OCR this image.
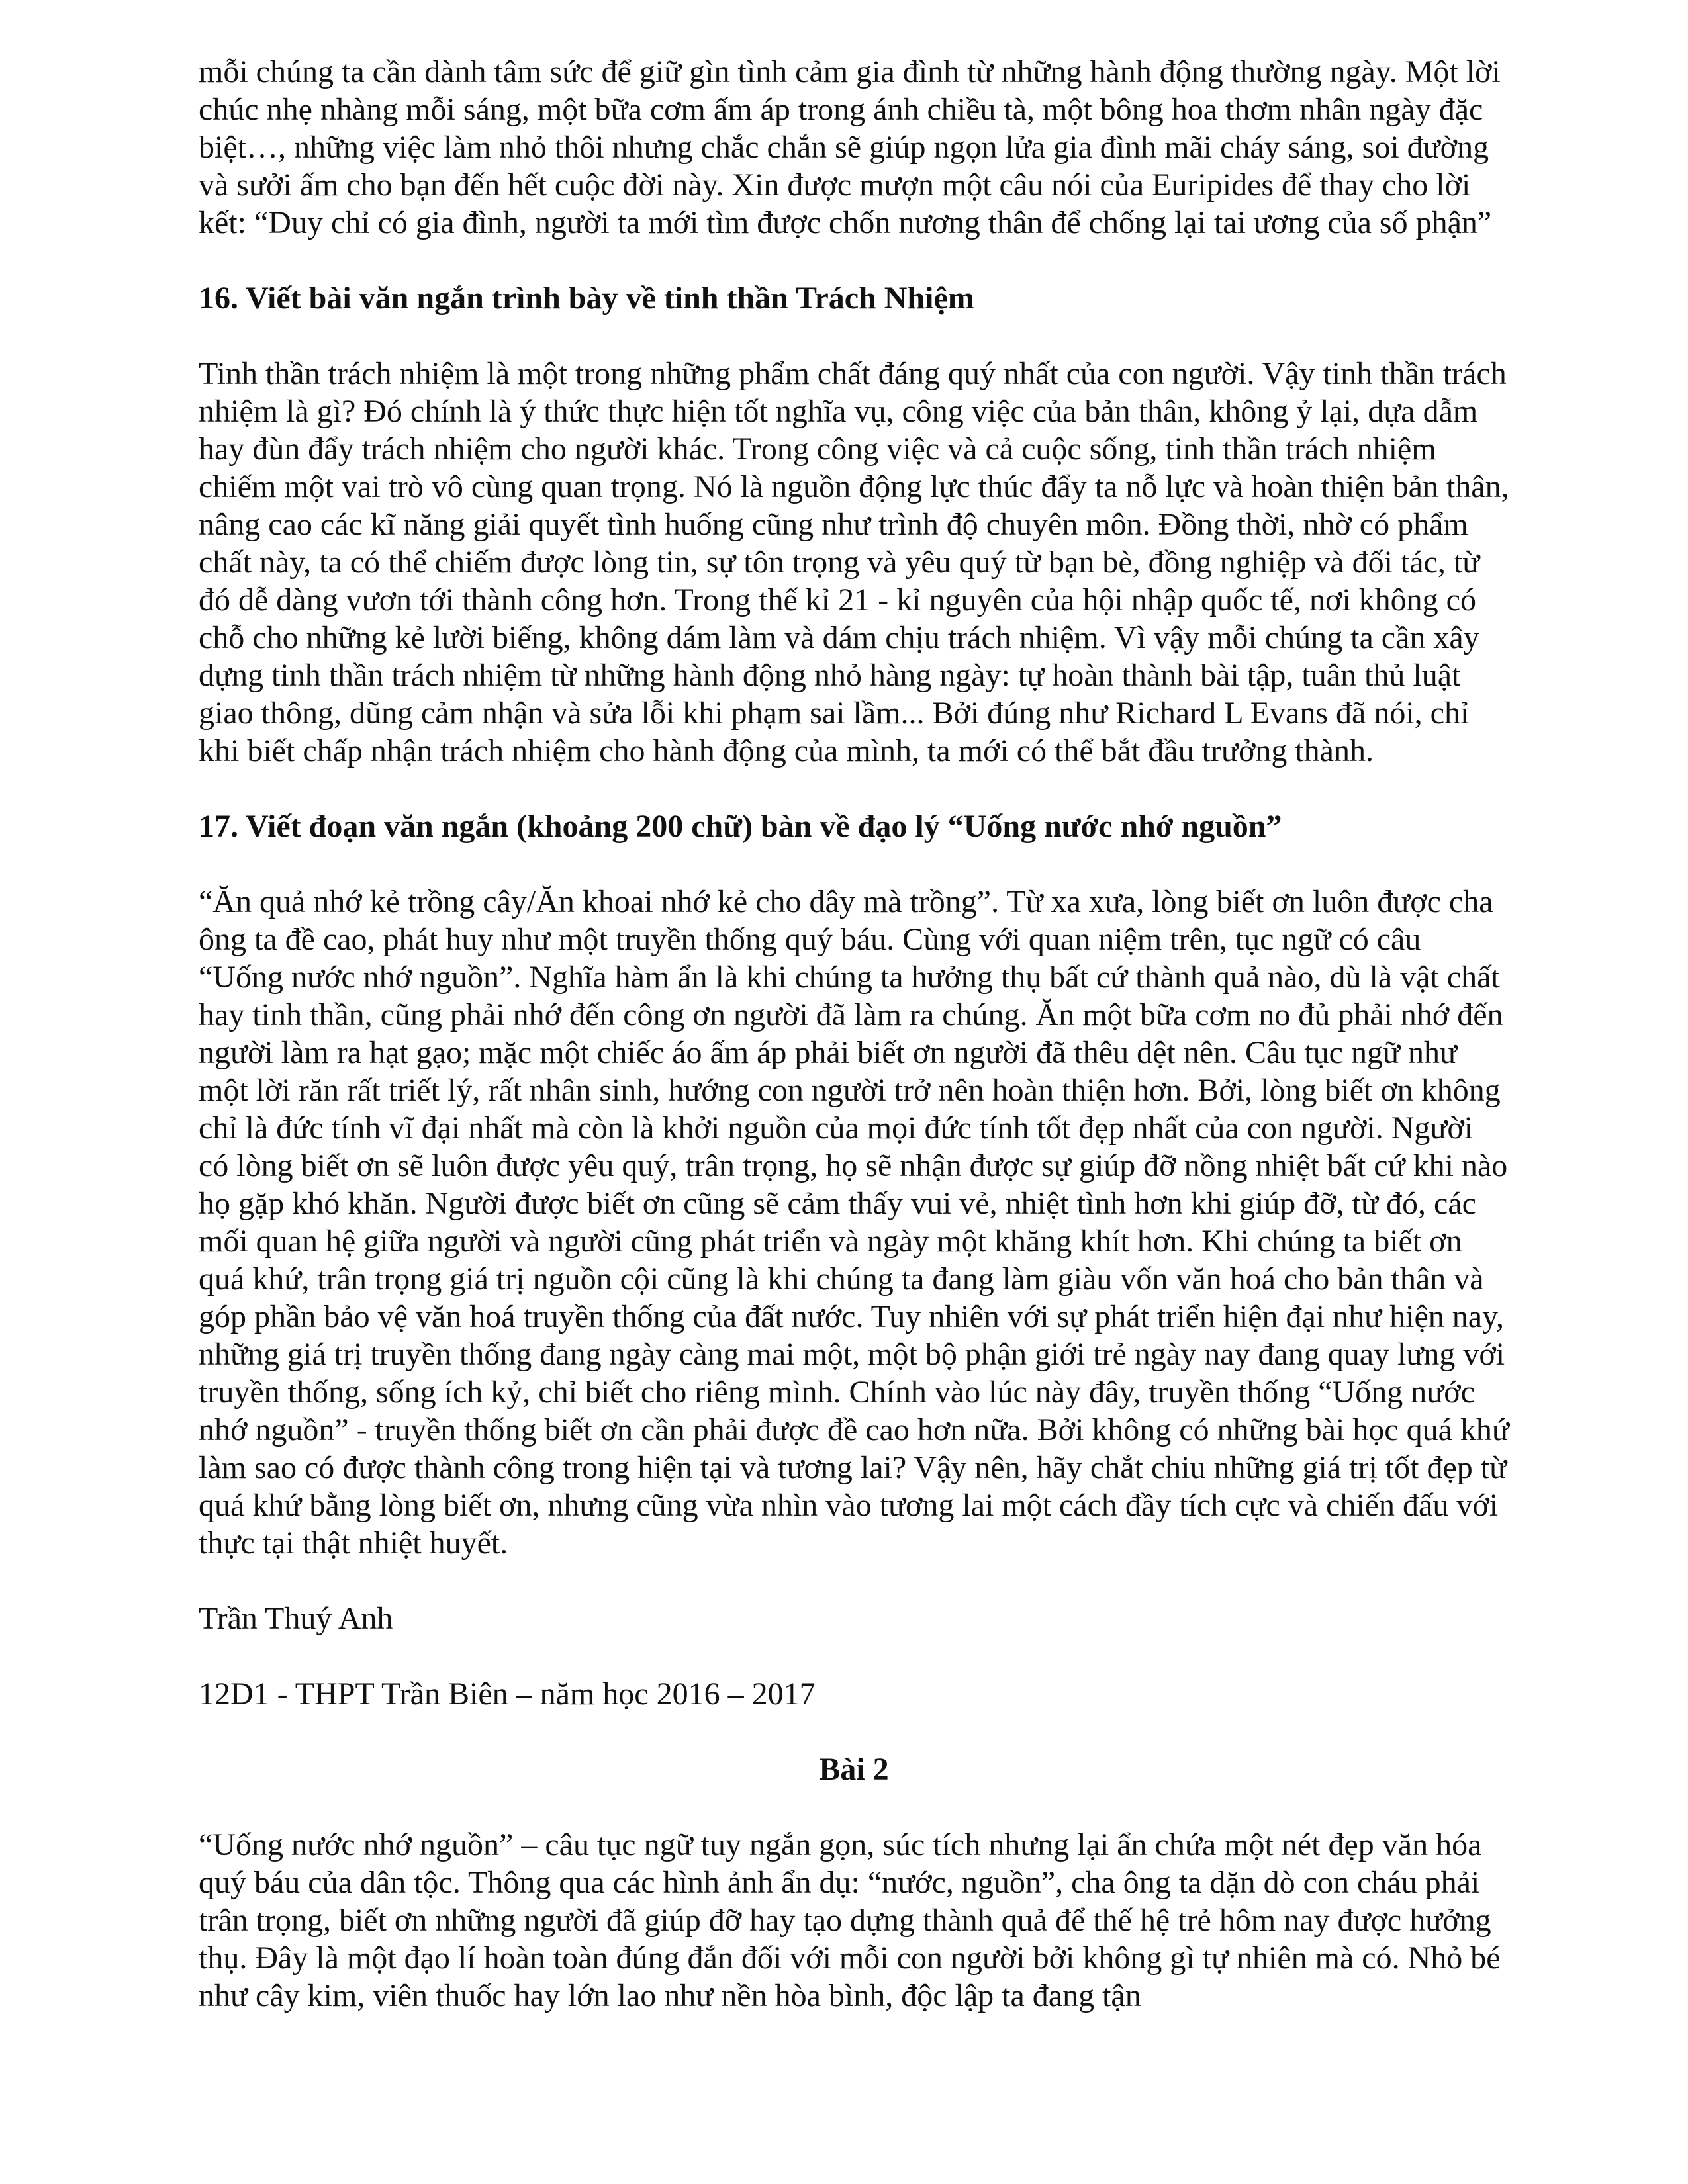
mỗi chúng ta cần dành tâm sức để giữ gìn tình cảm gia đình từ những hành động thường ngày. Một lời chúc nhẹ nhàng mỗi sáng, một bữa cơm ấm áp trong ánh chiều tà, một bông hoa thơm nhân ngày đặc biệt…, những việc làm nhỏ thôi nhưng chắc chắn sẽ giúp ngọn lửa gia đình mãi cháy sáng, soi đường và sưởi ấm cho bạn đến hết cuộc đời này. Xin được mượn một câu nói của Euripides để thay cho lời kết: “Duy chỉ có gia đình, người ta mới tìm được chốn nương thân để chống lại tai ương của số phận”

16. Viết bài văn ngắn trình bày về tinh thần Trách Nhiệm

Tinh thần trách nhiệm là một trong những phẩm chất đáng quý nhất của con người. Vậy tinh thần trách nhiệm là gì? Đó chính là ý thức thực hiện tốt nghĩa vụ, công việc của bản thân, không ỷ lại, dựa dẫm hay đùn đẩy trách nhiệm cho người khác. Trong công việc và cả cuộc sống, tinh thần trách nhiệm chiếm một vai trò vô cùng quan trọng. Nó là nguồn động lực thúc đẩy ta nỗ lực và hoàn thiện bản thân, nâng cao các kĩ năng giải quyết tình huống cũng như trình độ chuyên môn. Đồng thời, nhờ có phẩm chất này, ta có thể chiếm được lòng tin, sự tôn trọng và yêu quý từ bạn bè, đồng nghiệp và đối tác, từ đó dễ dàng vươn tới thành công hơn. Trong thế kỉ 21 - kỉ nguyên của hội nhập quốc tế, nơi không có chỗ cho những kẻ lười biếng, không dám làm và dám chịu trách nhiệm. Vì vậy mỗi chúng ta cần xây dựng tinh thần trách nhiệm từ những hành động nhỏ hàng ngày: tự hoàn thành bài tập, tuân thủ luật giao thông, dũng cảm nhận và sửa lỗi khi phạm sai lầm... Bởi đúng như Richard L Evans đã nói, chỉ khi biết chấp nhận trách nhiệm cho hành động của mình, ta mới có thể bắt đầu trưởng thành.

17. Viết đoạn văn ngắn (khoảng 200 chữ) bàn về đạo lý “Uống nước nhớ nguồn”

“Ăn quả nhớ kẻ trồng cây/Ăn khoai nhớ kẻ cho dây mà trồng”. Từ xa xưa, lòng biết ơn luôn được cha ông ta đề cao, phát huy như một truyền thống quý báu. Cùng với quan niệm trên, tục ngữ có câu “Uống nước nhớ nguồn”. Nghĩa hàm ẩn là khi chúng ta hưởng thụ bất cứ thành quả nào, dù là vật chất hay tinh thần, cũng phải nhớ đến công ơn người đã làm ra chúng. Ăn một bữa cơm no đủ phải nhớ đến người làm ra hạt gạo; mặc một chiếc áo ấm áp phải biết ơn người đã thêu dệt nên. Câu tục ngữ như một lời răn rất triết lý, rất nhân sinh, hướng con người trở nên hoàn thiện hơn. Bởi, lòng biết ơn không chỉ là đức tính vĩ đại nhất mà còn là khởi nguồn của mọi đức tính tốt đẹp nhất của con người. Người có lòng biết ơn sẽ luôn được yêu quý, trân trọng, họ sẽ nhận được sự giúp đỡ nồng nhiệt bất cứ khi nào họ gặp khó khăn. Người được biết ơn cũng sẽ cảm thấy vui vẻ, nhiệt tình hơn khi giúp đỡ, từ đó, các mối quan hệ giữa người và người cũng phát triển và ngày một khăng khít hơn. Khi chúng ta biết ơn quá khứ, trân trọng giá trị nguồn cội cũng là khi chúng ta đang làm giàu vốn văn hoá cho bản thân và góp phần bảo vệ văn hoá truyền thống của đất nước. Tuy nhiên với sự phát triển hiện đại như hiện nay, những giá trị truyền thống đang ngày càng mai một, một bộ phận giới trẻ ngày nay đang quay lưng với truyền thống, sống ích kỷ, chỉ biết cho riêng mình. Chính vào lúc này đây, truyền thống “Uống nước nhớ nguồn” - truyền thống biết ơn cần phải được đề cao hơn nữa. Bởi không có những bài học quá khứ làm sao có được thành công trong hiện tại và tương lai? Vậy nên, hãy chắt chiu những giá trị tốt đẹp từ quá khứ bằng lòng biết ơn, nhưng cũng vừa nhìn vào tương lai một cách đầy tích cực và chiến đấu với thực tại thật nhiệt huyết.

Trần Thuý Anh

12D1 - THPT Trần Biên – năm học 2016 – 2017

Bài 2

“Uống nước nhớ nguồn” – câu tục ngữ tuy ngắn gọn, súc tích nhưng lại ẩn chứa một nét đẹp văn hóa quý báu của dân tộc. Thông qua các hình ảnh ẩn dụ: “nước, nguồn”, cha ông ta dặn dò con cháu phải trân trọng, biết ơn những người đã giúp đỡ hay tạo dựng thành quả để thế hệ trẻ hôm nay được hưởng thụ. Đây là một đạo lí hoàn toàn đúng đắn đối với mỗi con người bởi không gì tự nhiên mà có. Nhỏ bé như cây kim, viên thuốc hay lớn lao như nền hòa bình, độc lập ta đang tận
